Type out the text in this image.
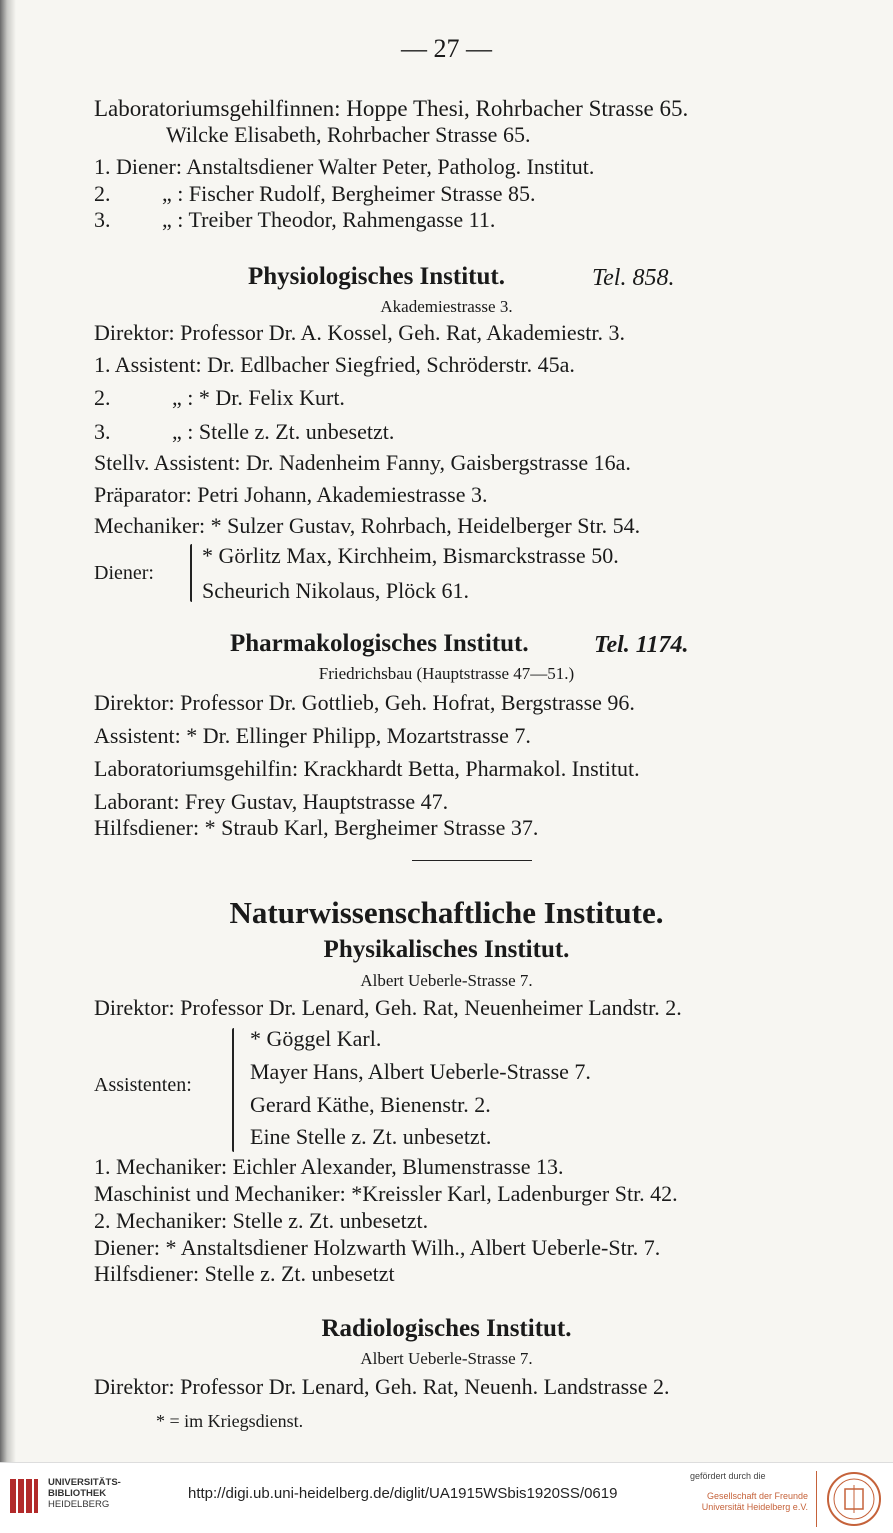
— 27 —
Laboratoriumsgehilfinnen: Hoppe Thesi, Rohrbacher Strasse 65.
Wilcke Elisabeth, Rohrbacher Strasse 65.
1. Diener: Anstaltsdiener Walter Peter, Patholog. Institut.
2. „ : Fischer Rudolf, Bergheimer Strasse 85.
3. „ : Treiber Theodor, Rahmengasse 11.
Physiologisches Institut.	Tel. 858.
Akademiestrasse 3.
Direktor: Professor Dr. A. Kossel, Geh. Rat, Akademiestr. 3.
1. Assistent: Dr. Edlbacher Siegfried, Schröderstr. 45a.
2.	„ : * Dr. Felix Kurt.
3.	„ : Stelle z. Zt. unbesetzt.
Stellv. Assistent: Dr. Nadenheim Fanny, Gaisbergstrasse 16a.
Präparator: Petri Johann, Akademiestrasse 3.
Mechaniker: * Sulzer Gustav, Rohrbach, Heidelberger Str. 54.
Diener:
* Görlitz Max, Kirchheim, Bismarckstrasse 50.
Scheurich Nikolaus, Plöck 61.
Pharmakologisches Institut.	Tel. 1174.
Friedrichsbau (Hauptstrasse 47—51.)
Direktor: Professor Dr. Gottlieb, Geh. Hofrat, Bergstrasse 96.
Assistent: * Dr. Ellinger Philipp, Mozartstrasse 7.
Laboratoriumsgehilfin: Krackhardt Betta, Pharmakol. Institut.
Laborant: Frey Gustav, Hauptstrasse 47.
Hilfsdiener: * Straub Karl, Bergheimer Strasse 37.
Naturwissenschaftliche Institute.
Physikalisches Institut.
Albert Ueberle-Strasse 7.
Direktor: Professor Dr. Lenard, Geh. Rat, Neuenheimer Landstr. 2.
Assistenten:
* Göggel Karl.
Mayer Hans, Albert Ueberle-Strasse 7.
Gerard Käthe, Bienenstr. 2.
Eine Stelle z. Zt. unbesetzt.
1. Mechaniker: Eichler Alexander, Blumenstrasse 13.
Maschinist und Mechaniker: *Kreissler Karl, Ladenburger Str. 42.
2. Mechaniker: Stelle z. Zt. unbesetzt.
Diener: * Anstaltsdiener Holzwarth Wilh., Albert Ueberle-Str. 7.
Hilfsdiener: Stelle z. Zt. unbesetzt
Radiologisches Institut.
Albert Ueberle-Strasse 7.
Direktor: Professor Dr. Lenard, Geh. Rat, Neuenh. Landstrasse 2.
* = im Kriegsdienst.
UNIVERSITÄTS-
BIBLIOTHEK
HEIDELBERG
http://digi.ub.uni-heidelberg.de/diglit/UA1915WSbis1920SS/0619
gefördert durch die
Gesellschaft der Freunde
Universität Heidelberg e.V.
